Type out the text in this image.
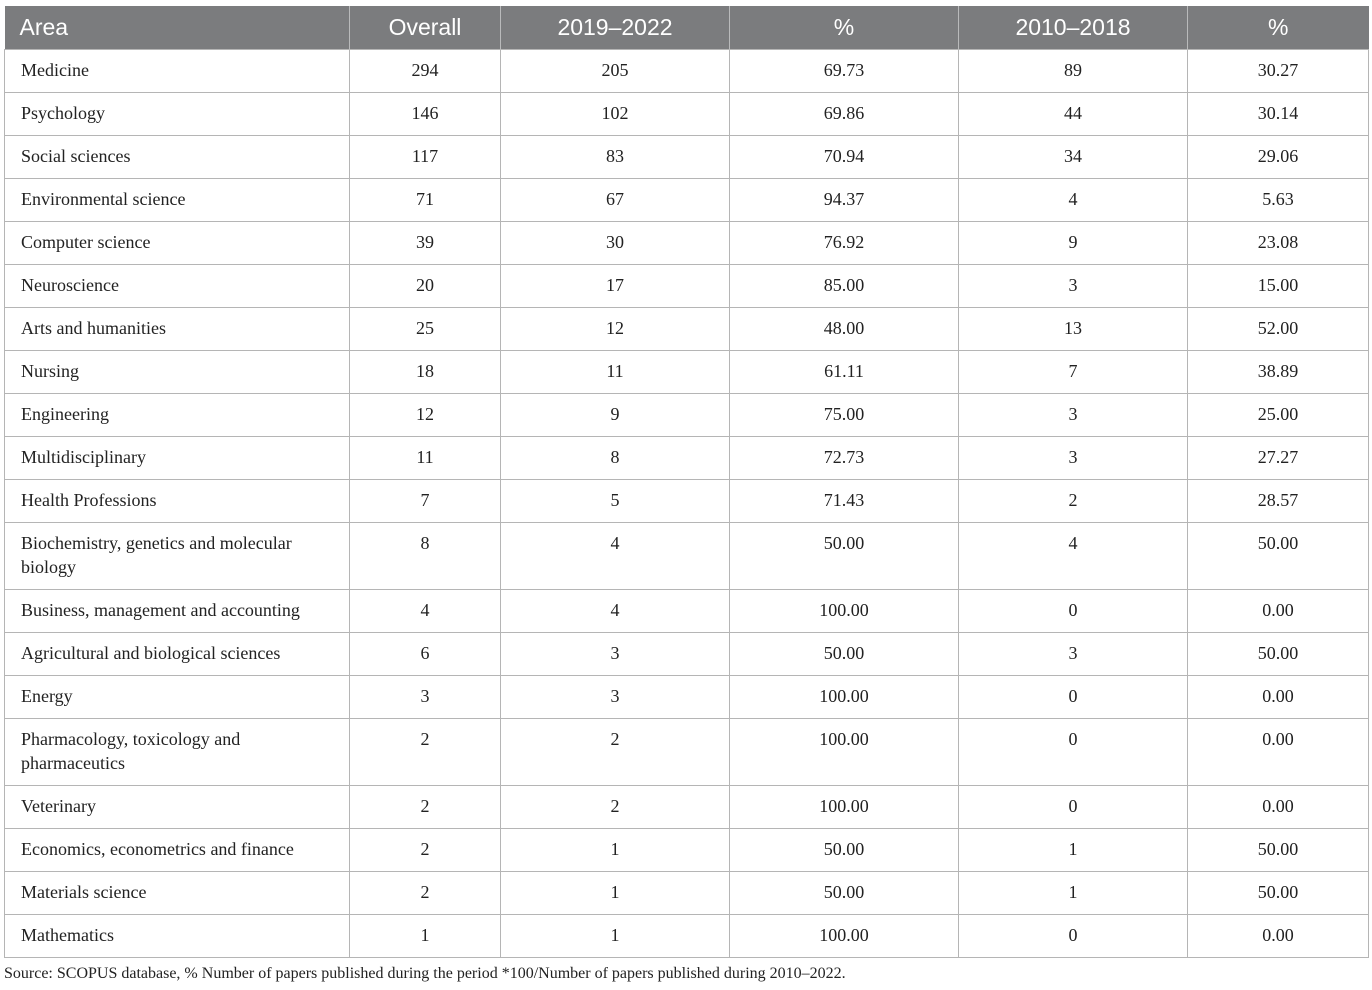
Area	Overall	2019–2022	%	2010–2018	%
Medicine	294	205	69.73	89	30.27
Psychology	146	102	69.86	44	30.14
Social sciences	117	83	70.94	34	29.06
Environmental science	71	67	94.37	4	5.63
Computer science	39	30	76.92	9	23.08
Neuroscience	20	17	85.00	3	15.00
Arts and humanities	25	12	48.00	13	52.00
Nursing	18	11	61.11	7	38.89
Engineering	12	9	75.00	3	25.00
Multidisciplinary	11	8	72.73	3	27.27
Health Professions	7	5	71.43	2	28.57
Biochemistry, genetics and molecular biology	8	4	50.00	4	50.00
Business, management and accounting	4	4	100.00	0	0.00
Agricultural and biological sciences	6	3	50.00	3	50.00
Energy	3	3	100.00	0	0.00
Pharmacology, toxicology and pharmaceutics	2	2	100.00	0	0.00
Veterinary	2	2	100.00	0	0.00
Economics, econometrics and finance	2	1	50.00	1	50.00
Materials science	2	1	50.00	1	50.00
Mathematics	1	1	100.00	0	0.00
Source: SCOPUS database, % Number of papers published during the period *100/Number of papers published during 2010–2022.
